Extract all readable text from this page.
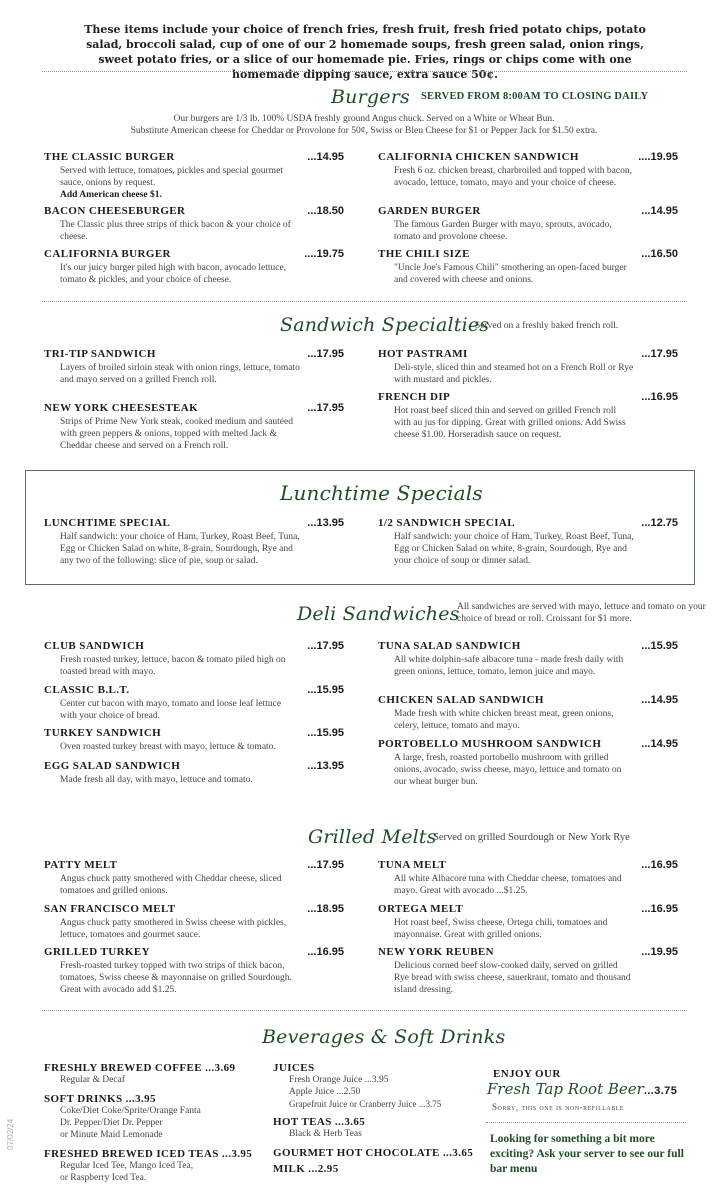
These items include your choice of french fries, fresh fruit, fresh fried potato chips, potato salad, broccoli salad, cup of one of our 2 homemade soups, fresh green salad, onion rings, sweet potato fries, or a slice of our homemade pie. Fries, rings or chips come with one homemade dipping sauce, extra sauce 50¢.
Burgers SERVED FROM 8:00AM TO CLOSING DAILY
Our burgers are 1/3 lb. 100% USDA freshly ground Angus chuck. Served on a White or Wheat Bun.
Substitute American cheese for Cheddar or Provolone for 50¢, Swiss or Bleu Cheese for $1 or Pepper Jack for $1.50 extra.
THE CLASSIC BURGER	...14.95
Served with lettuce, tomatoes, pickles and special gourmet sauce, onions by request.
Add American cheese $1.
BACON CHEESEBURGER	...18.50
The Classic plus three strips of thick bacon & your choice of cheese.
CALIFORNIA BURGER	....19.75
It's our juicy burger piled high with bacon, avocado lettuce, tomato & pickles, and your choice of cheese.
CALIFORNIA CHICKEN SANDWICH	....19.95
Fresh 6 oz. chicken breast, charbroiled and topped with bacon, avocado, lettuce, tomato, mayo and your choice of cheese.
GARDEN BURGER	...14.95
The famous Garden Burger with mayo, sprouts, avocado, tomato and provolone cheese.
THE CHILI SIZE	...16.50
"Uncle Joe's Famous Chili" smothering an open-faced burger and covered with cheese and onions.
Sandwich Specialties
Served on a freshly baked french roll.
TRI-TIP SANDWICH	...17.95
Layers of broiled sirloin steak with onion rings, lettuce, tomato and mayo served on a grilled French roll.
NEW YORK CHEESESTEAK	...17.95
Strips of Prime New York steak, cooked medium and sautéed with green peppers & onions, topped with melted Jack & Cheddar cheese and served on a French roll.
HOT PASTRAMI	...17.95
Deli-style, sliced thin and steamed hot on a French Roll or Rye with mustard and pickles.
FRENCH DIP	...16.95
Hot roast beef sliced thin and served on grilled French roll with au jus for dipping. Great with grilled onions. Add Swiss cheese $1.00. Horseradish sauce on request.
Lunchtime Specials
LUNCHTIME SPECIAL	...13.95
Half sandwich: your choice of Ham, Turkey, Roast Beef, Tuna, Egg or Chicken Salad on white, 8-grain, Sourdough, Rye and any two of the following: slice of pie, soup or salad.
1/2 SANDWICH SPECIAL	...12.75
Half sandwich: your choice of Ham, Turkey, Roast Beef, Tuna, Egg or Chicken Salad on white, 8-grain, Sourdough, Rye and your choice of soup or dinner salad.
Deli Sandwiches
All sandwiches are served with mayo, lettuce and tomato on your choice of bread or roll. Croissant for $1 more.
CLUB SANDWICH	...17.95
Fresh roasted turkey, lettuce, bacon & tomato piled high on toasted bread with mayo.
CLASSIC B.L.T.	...15.95
Center cut bacon with mayo, tomato and loose leaf lettuce with your choice of bread.
TURKEY SANDWICH	...15.95
Oven roasted turkey breast with mayo, lettuce & tomato.
EGG SALAD SANDWICH	...13.95
Made fresh all day, with mayo, lettuce and tomato.
TUNA SALAD SANDWICH	...15.95
All white dolphin-safe albacore tuna - made fresh daily with green onions, lettuce, tomato, lemon juice and mayo.
CHICKEN SALAD SANDWICH	...14.95
Made fresh with white chicken breast meat, green onions, celery, lettuce, tomato and mayo.
PORTOBELLO MUSHROOM SANDWICH	...14.95
A large, fresh, roasted portobello mushroom with grilled onions, avocado, swiss cheese, mayo, lettuce and tomato on our wheat burger bun.
Grilled Melts
Served on grilled Sourdough or New York Rye
PATTY MELT	...17.95
Angus chuck patty smothered with Cheddar cheese, sliced tomatoes and grilled onions.
SAN FRANCISCO MELT	...18.95
Angus chuck patty smothered in Swiss cheese with pickles, lettuce, tomatoes and gourmet sauce.
GRILLED TURKEY	...16.95
Fresh-roasted turkey topped with two strips of thick bacon, tomatoes, Swiss cheese & mayonnaise on grilled Sourdough. Great with avocado add $1.25.
TUNA MELT	...16.95
All white Albacore tuna with Cheddar cheese, tomatoes and mayo. Great with avocado ...$1.25.
ORTEGA MELT	...16.95
Hot roast beef, Swiss cheese, Ortega chili, tomatoes and mayonnaise. Great with grilled onions.
NEW YORK REUBEN	...19.95
Delicious corned beef slow-cooked daily, served on grilled Rye bread with swiss cheese, sauerkraut, tomato and thousand island dressing.
Beverages & Soft Drinks
FRESHLY BREWED COFFEE ...3.69
Regular & Decaf
SOFT DRINKS ...3.95
Coke/Diet Coke/Sprite/Orange Fanta
Dr. Pepper/Diet Dr. Pepper
or Minute Maid Lemonade
FRESHED BREWED ICED TEAS ...3.95
Regular Iced Tee, Mango Iced Tea,
or Raspberry Iced Tea.
JUICES
Fresh Orange Juice ...3.95
Apple Juice ...2.50
Grapefruit Juice or Cranberry Juice ...3.75
HOT TEAS ...3.65
Black & Herb Teas
GOURMET HOT CHOCOLATE ...3.65
MILK ...2.95
ENJOY OUR
Fresh Tap Root Beer...3.75
Sorry, this one is non-refillable
Looking for something a bit more exciting? Ask your server to see our full bar menu
07/02/24
